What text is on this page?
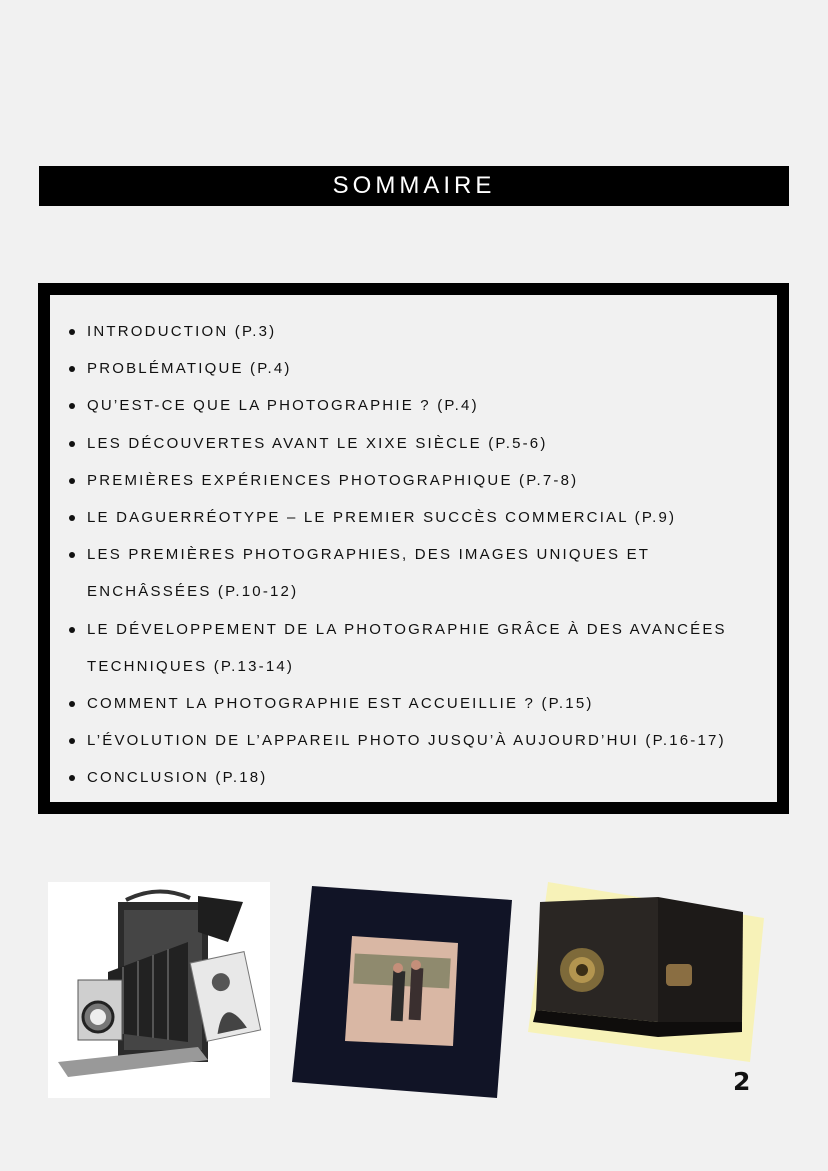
SOMMAIRE
INTRODUCTION (P.3)
PROBLÉMATIQUE (P.4)
QU’EST-CE QUE LA PHOTOGRAPHIE ? (P.4)
LES DÉCOUVERTES AVANT LE XIXE SIÈCLE (P.5-6)
PREMIÈRES EXPÉRIENCES PHOTOGRAPHIQUE (P.7-8)
LE DAGUERRÉOTYPE – LE PREMIER SUCCÈS COMMERCIAL (P.9)
LES PREMIÈRES PHOTOGRAPHIES, DES IMAGES UNIQUES ET
ENCHÂSSÉES (P.10-12)
LE DÉVELOPPEMENT DE LA PHOTOGRAPHIE GRÂCE À DES AVANCÉES
TECHNIQUES (P.13-14)
COMMENT LA PHOTOGRAPHIE EST ACCUEILLIE ? (P.15)
L’ÉVOLUTION DE L’APPAREIL PHOTO JUSQU’À AUJOURD’HUI (P.16-17)
CONCLUSION (P.18)
2
